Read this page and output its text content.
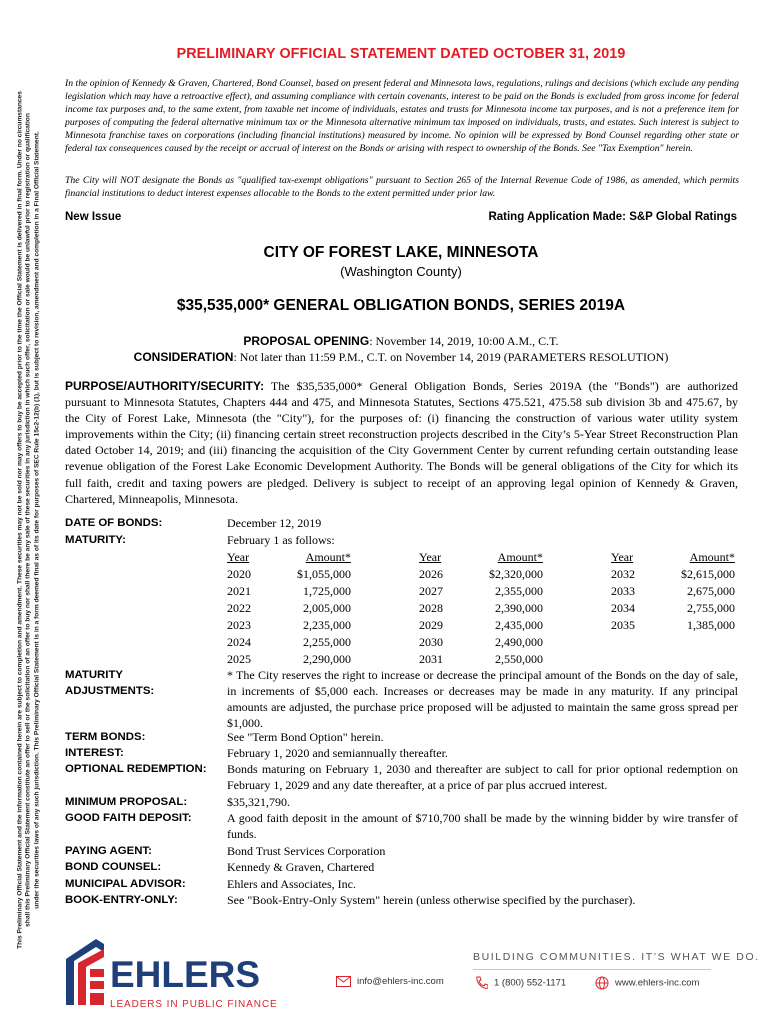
This Preliminary Official Statement and the information contained herein are subject to completion and amendment. These securities may not be sold nor may offers to buy be accepted prior to the time the Official Statement is delivered in final form. Under no circumstances shall this Preliminary Official Statement constitute an offer to sell or the solicitation of an offer to buy nor shall there be any sale of these securities in any jurisdiction in which such offer, solicitation or sale would be unlawful prior to registration or qualification under the securities laws of any such jurisdiction. This Preliminary Official Statement is in a form deemed final as of its date for purposes of SEC Rule 15c2-12(b) (1), but is subject to revision, amendment and completion in a Final Official Statement.
PRELIMINARY OFFICIAL STATEMENT DATED OCTOBER 31, 2019
In the opinion of Kennedy & Graven, Chartered, Bond Counsel, based on present federal and Minnesota laws, regulations, rulings and decisions (which exclude any pending legislation which may have a retroactive effect), and assuming compliance with certain covenants, interest to be paid on the Bonds is excluded from gross income for federal income tax purposes and, to the same extent, from taxable net income of individuals, estates and trusts for Minnesota income tax purposes, and is not a preference item for purposes of computing the federal alternative minimum tax or the Minnesota alternative minimum tax imposed on individuals, trusts, and estates. Such interest is subject to Minnesota franchise taxes on corporations (including financial institutions) measured by income. No opinion will be expressed by Bond Counsel regarding other state or federal tax consequences caused by the receipt or accrual of interest on the Bonds or arising with respect to ownership of the Bonds. See "Tax Exemption" herein.
The City will NOT designate the Bonds as "qualified tax-exempt obligations" pursuant to Section 265 of the Internal Revenue Code of 1986, as amended, which permits financial institutions to deduct interest expenses allocable to the Bonds to the extent permitted under prior law.
New Issue	Rating Application Made: S&P Global Ratings
CITY OF FOREST LAKE, MINNESOTA
(Washington County)
$35,535,000* GENERAL OBLIGATION BONDS, SERIES 2019A
PROPOSAL OPENING: November 14, 2019, 10:00 A.M., C.T.
CONSIDERATION: Not later than 11:59 P.M., C.T. on November 14, 2019 (PARAMETERS RESOLUTION)
PURPOSE/AUTHORITY/SECURITY: The $35,535,000* General Obligation Bonds, Series 2019A (the "Bonds") are authorized pursuant to Minnesota Statutes, Chapters 444 and 475, and Minnesota Statutes, Sections 475.521, 475.58 sub division 3b and 475.67, by the City of Forest Lake, Minnesota (the "City"), for the purposes of: (i) financing the construction of various water utility system improvements within the City; (ii) financing certain street reconstruction projects described in the City’s 5-Year Street Reconstruction Plan dated October 14, 2019; and (iii) financing the acquisition of the City Government Center by current refunding certain outstanding lease revenue obligation of the Forest Lake Economic Development Authority. The Bonds will be general obligations of the City for which its full faith, credit and taxing powers are pledged. Delivery is subject to receipt of an approving legal opinion of Kennedy & Graven, Chartered, Minneapolis, Minnesota.
DATE OF BONDS:	December 12, 2019
MATURITY:	February 1 as follows:
Year	Amount*
2020	$1,055,000
2021	1,725,000
2022	2,005,000
2023	2,235,000
2024	2,255,000
2025	2,290,000
Year	Amount*
2026	$2,320,000
2027	2,355,000
2028	2,390,000
2029	2,435,000
2030	2,490,000
2031	2,550,000
Year	Amount*
2032	$2,615,000
2033	2,675,000
2034	2,755,000
2035	1,385,000
MATURITY
ADJUSTMENTS:
* The City reserves the right to increase or decrease the principal amount of the Bonds on the day of sale, in increments of $5,000 each. Increases or decreases may be made in any maturity. If any principal amounts are adjusted, the purchase price proposed will be adjusted to maintain the same gross spread per $1,000.
TERM BONDS:	See "Term Bond Option" herein.
INTEREST:	February 1, 2020 and semiannually thereafter.
OPTIONAL REDEMPTION: Bonds maturing on February 1, 2030 and thereafter are subject to call for prior optional redemption on February 1, 2029 and any date thereafter, at a price of par plus accrued interest.
MINIMUM PROPOSAL:	$35,321,790.
GOOD FAITH DEPOSIT:	A good faith deposit in the amount of $710,700 shall be made by the winning bidder by wire transfer of funds.
PAYING AGENT:	Bond Trust Services Corporation
BOND COUNSEL:	Kennedy & Graven, Chartered
MUNICIPAL ADVISOR:	Ehlers and Associates, Inc.
BOOK-ENTRY-ONLY:	See "Book-Entry-Only System" herein (unless otherwise specified by the purchaser).
EHLERS
LEADERS IN PUBLIC FINANCE
BUILDING COMMUNITIES. IT’S WHAT WE DO.
info@ehlers-inc.com	1 (800) 552-1171	www.ehlers-inc.com
